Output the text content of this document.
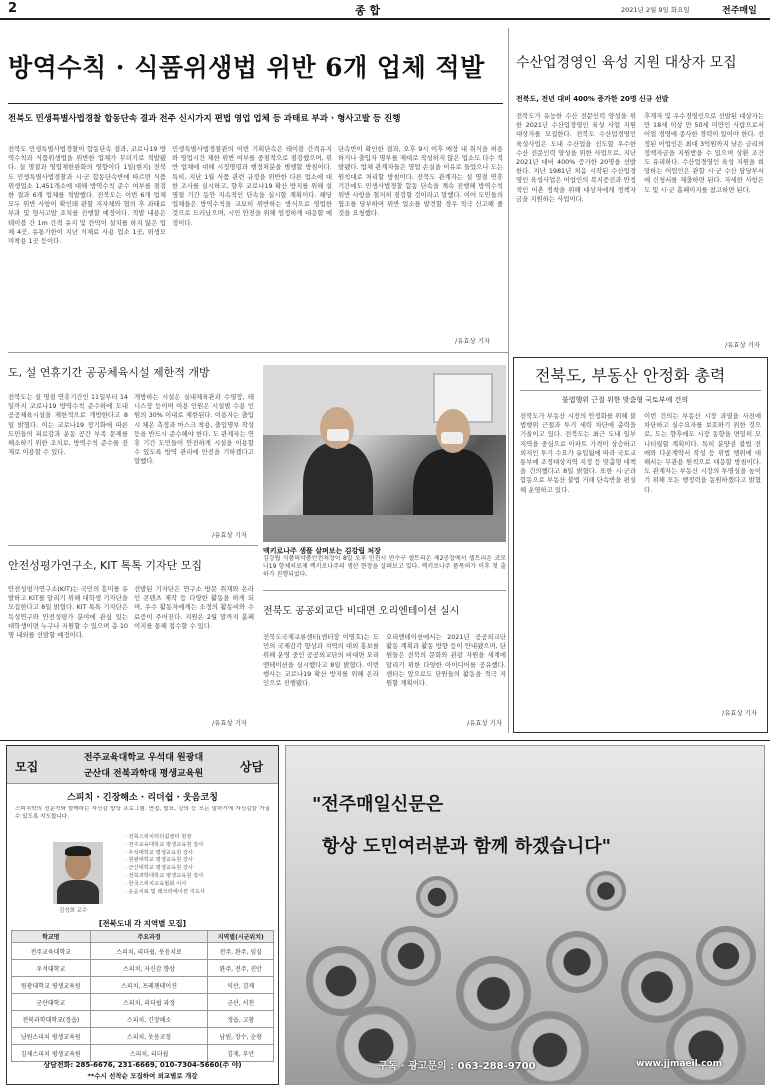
2	종 합	2021년 2월 9일 화요일	전주매일
방역수칙 · 식품위생법 위반 6개 업체 적발
전북도 민생특별사법경찰 합동단속 결과 전주 신시가지 편법 영업 업체 등 과태료 부과 · 형사고발 등 진행
전북도 민생특별사법경찰이 합동단속 결과, 코로나19 방역수칙과 식품위생법을 위반한 업체가 무더기로 적발됐다. 설 명절과 영업제한완화의 영향이다 1일(현지) 전북도 민생특별사법경찰과 시·군 합동단속반에 따르면 식품 위생업소 1,451개소에 대해 방역수칙 준수 여부를 점검한 결과 6개 업체를 적발했다. 전북도는 이번 6개 업체 모두 위반 사항이 확인돼 관할 지자체와 협의 후 과태료 부과 및 형사고발 조치를 진행할 예정이다. 적발 내용은 테이블 간 1m 간격 유지 및 칸막이 설치를 하지 않은 업체 4곳, 유통기한이 지난 식재료 사용 업소 1곳, 위생모 미착용 1곳 등이다.
민생특별사법경찰관의 이번 기획단속은 테이블 간격유지와 영업시간 제한 위반 여부를 중점적으로 점검했으며, 위반 업체에 대해 시정명령과 행정처분을 병행할 방침이다. 특히, 지난 1월 식품 관련 규정을 위반한 다른 업소에 대한 조사를 실시하고, 향후 코로나19 확산 방지를 위해 설 명절 기간 동안 지속적인 단속을 실시할 계획이다. 해당 업체들은 방역수칙을 교묘히 위반하는 방식으로 영업한 것으로 드러났으며, 시민 안전을 위해 엄정하게 대응할 예정이다.
단속반이 확인한 결과, 오후 9시 이후 매장 내 취식을 허용하거나 출입자 명부를 제대로 작성하지 않은 업소도 다수 적발됐다. 업체 관계자들은 영업 손실을 이유로 들었으나 도는 원칙대로 처리할 방침이다. 전북도 관계자는 설 명절 연휴 기간에도 민생사법경찰 합동 단속을 계속 진행해 방역수칙 위반 사항을 철저히 점검할 것이라고 말했다. 이어 도민들의 협조를 당부하며 위반 업소를 발견할 경우 적극 신고해 줄 것을 요청했다.
/유효상 기자
수산업경영인 육성 지원 대상자 모집
전북도, 전년 대비 400% 증가한 20명 신규 선발
전북도가 유능한 수산 전문인력 양성을 위한 2021년 수산업경영인 육성 사업 지원 대상자를 모집한다. 전북도 수산업경영인 육성사업은 도내 수산업을 선도할 우수한 수산 전문인력 양성을 위한 사업으로, 지난 2021년 대비 400% 증가한 20명을 선발한다. 지난 1981년 처음 시작된 수산업경영인 육성사업은 어업인의 복지증진과 안정적인 어촌 정착을 위해 대상자에게 정책자금을 지원하는 사업이다.
후계자 및 우수경영인으로 선발된 대상자는 만 18세 이상 만 50세 미만인 사람으로서 어업 경영에 종사한 경력이 있어야 한다. 선정된 어업인은 최대 3억원까지 낮은 금리의 정책자금을 지원받을 수 있으며 상환 조건도 유리하다. 수산업경영인 육성 지원을 희망하는 어업인은 관할 시·군 수산 담당부서에 신청서를 제출하면 된다. 자세한 사항은 도 및 시·군 홈페이지를 참고하면 된다.
/유효상 기자
도, 설 연휴기간 공공체육시설 제한적 개방
전북도는 설 명절 연휴기간인 11일부터 14일까지 코로나19 방역수칙 준수하에 도내 공공체육시설을 제한적으로 개방한다고 8일 밝혔다. 이는 코로나19 장기화에 따른 도민들의 피로감과 운동 공간 부족 문제를 해소하기 위한 조치로, 방역수칙 준수를 전제로 이용할 수 있다.
개방하는 시설은 실내체육관과 수영장, 테니스장 등이며 이용 인원은 시설별 수용 인원의 30% 이내로 제한된다. 이용자는 출입 시 체온 측정과 마스크 착용, 출입명부 작성 등을 반드시 준수해야 한다. 도 관계자는 연휴 기간 도민들이 안전하게 시설을 이용할 수 있도록 방역 관리에 만전을 기하겠다고 말했다.
/유효상 기자
맥키로나주 샘플 살펴보는 김강립 처장
김강립 식품의약품안전처장이 8일 오후 인천시 연수구 셀트리온 제2공장에서 셀트리온 코로나19 항체치료제 렉키로나주의 생산 현장을 살펴보고 있다. 렉키로나주 품목허가 이후 첫 출하가 진행되었다.
안전성평가연구소, KIT 톡톡 기자단 모집
안전성평가연구소(KIT)는 국민의 흥미를 유발하고 KIT를 알리기 위해 대학생 기자단을 모집한다고 8일 밝혔다. KIT 톡톡 기자단은 독성연구와 안전성평가 분야에 관심 있는 대학생이면 누구나 지원할 수 있으며 총 10명 내외를 선발할 예정이다.
선발된 기자단은 연구소 방문 취재와 온라인 콘텐츠 제작 등 다양한 활동을 하게 되며, 우수 활동자에게는 소정의 활동비와 수료증이 주어진다. 지원은 2월 말까지 홈페이지를 통해 접수할 수 있다.
/유효상 기자
전북도 공공외교단 비대면 오리엔테이션 실시
전북도국제교류센터(센터장 이명호)는 도민의 국제감각 향상과 지역의 대외 홍보를 위해 운영 중인 공공외교단의 비대면 오리엔테이션을 실시했다고 8일 밝혔다. 이번 행사는 코로나19 확산 방지를 위해 온라인으로 진행됐다.
오리엔테이션에서는 2021년 공공외교단 활동 계획과 활동 방향 등이 안내됐으며, 단원들은 전북의 문화와 관광 자원을 세계에 알리기 위한 다양한 아이디어를 공유했다. 센터는 앞으로도 단원들의 활동을 적극 지원할 계획이다.
/유효상 기자
전북도, 부동산 안정화 총력
불법행위 근절 위한 맞춤형 국토부에 건의
전북도가 부동산 시장의 안정화를 위해 불법행위 근절과 투기 세력 차단에 총력을 기울이고 있다. 전북도는 최근 도내 일부 지역을 중심으로 아파트 가격이 상승하고 외지인 투기 수요가 유입됨에 따라 국토교통부에 조정대상지역 지정 등 맞춤형 대책을 건의했다고 8일 밝혔다. 또한 시·군과 합동으로 부동산 불법 거래 단속반을 편성해 운영하고 있다.
이번 건의는 부동산 시장 과열을 사전에 차단하고 실수요자를 보호하기 위한 것으로, 도는 향후에도 시장 동향을 면밀히 모니터링할 계획이다. 특히 분양권 불법 전매와 다운계약서 작성 등 위법 행위에 대해서는 무관용 원칙으로 대응할 방침이다. 도 관계자는 부동산 시장의 투명성을 높이기 위해 모든 행정력을 동원하겠다고 밝혔다.
/유효상 기자
모집	상담
전주교육대학교 우석대 원광대
군산대 전북과학대 평생교육원
스피치 · 긴장해소 · 리더쉽 · 웃음코칭
스피치학의 전문가와 함께하는 자신감 향상 프로그램. 면접, 발표, 강의 등 모든 말하기에 자신감을 가질 수 있도록 지도합니다.
김성희 교수
· 전북스피치리더쉽센터 원장
· 전주교육대학교 평생교육원 강사
· 우석대학교 평생교육원 강사
· 원광대학교 평생교육원 강사
· 군산대학교 평생교육원 강사
· 전북과학대학교 평생교육원 강사
· 한국스피치교육협회 이사
· 웃음치료 및 레크리에이션 지도사
[전북도내 각 지역별 모집]
학교명	주요과정	지역별(시군위치)
전주교육대학교	스피치, 리더쉽, 웃음치료	전주, 완주, 임실
우석대학교	스피치, 자신감 향상	완주, 전주, 진안
원광대학교 평생교육원	스피치, 프레젠테이션	익산, 김제
군산대학교	스피치, 리더쉽 과정	군산, 서천
전북과학대학교(정읍)	스피치, 긴장해소	정읍, 고창
남원스피치 평생교육원	스피치, 웃음코칭	남원, 장수, 순창
김제스피치 평생교육원	스피치, 리더쉽	김제, 부안
상담전화: 285-6676, 231-6669, 010-7304-5660(주 야)
**수시 선착순 모집하여 외교별로 개강
"전주매일신문은
항상 도민여러분과 함께 하겠습니다"
구독 · 광고문의 : 063-288-9700	www.jjmaeil.com
